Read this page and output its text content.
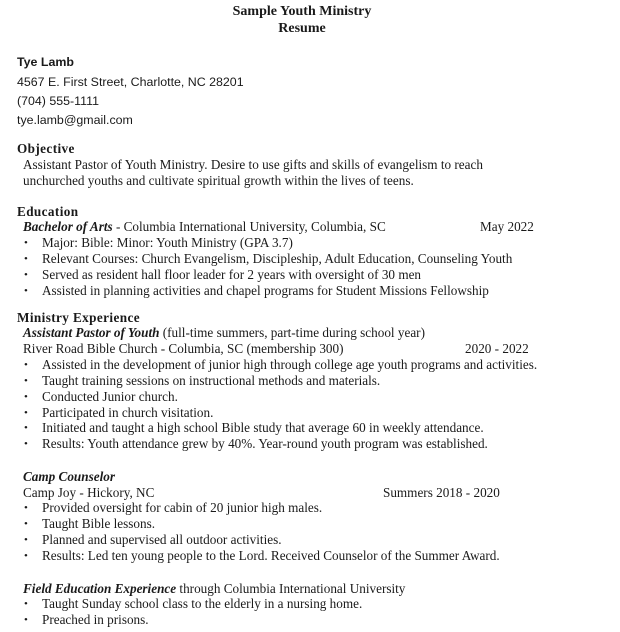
Sample Youth Ministry
Resume
Tye Lamb
4567 E. First Street, Charlotte, NC 28201
(704) 555-1111
tye.lamb@gmail.com
Objective
Assistant Pastor of Youth Ministry. Desire to use gifts and skills of evangelism to reach
unchurched youths and cultivate spiritual growth within the lives of teens.
Education
Bachelor of Arts - Columbia International University, Columbia, SC	May 2022
• Major: Bible: Minor: Youth Ministry (GPA 3.7)
• Relevant Courses: Church Evangelism, Discipleship, Adult Education, Counseling Youth
• Served as resident hall floor leader for 2 years with oversight of 30 men
• Assisted in planning activities and chapel programs for Student Missions Fellowship
Ministry Experience
Assistant Pastor of Youth (full-time summers, part-time during school year)
River Road Bible Church - Columbia, SC (membership 300)	2020 - 2022
• Assisted in the development of junior high through college age youth programs and activities.
• Taught training sessions on instructional methods and materials.
• Conducted Junior church.
• Participated in church visitation.
• Initiated and taught a high school Bible study that average 60 in weekly attendance.
• Results: Youth attendance grew by 40%. Year-round youth program was established.
Camp Counselor
Camp Joy - Hickory, NC	Summers 2018 - 2020
• Provided oversight for cabin of 20 junior high males.
• Taught Bible lessons.
• Planned and supervised all outdoor activities.
• Results: Led ten young people to the Lord. Received Counselor of the Summer Award.
Field Education Experience through Columbia International University
• Taught Sunday school class to the elderly in a nursing home.
• Preached in prisons.
